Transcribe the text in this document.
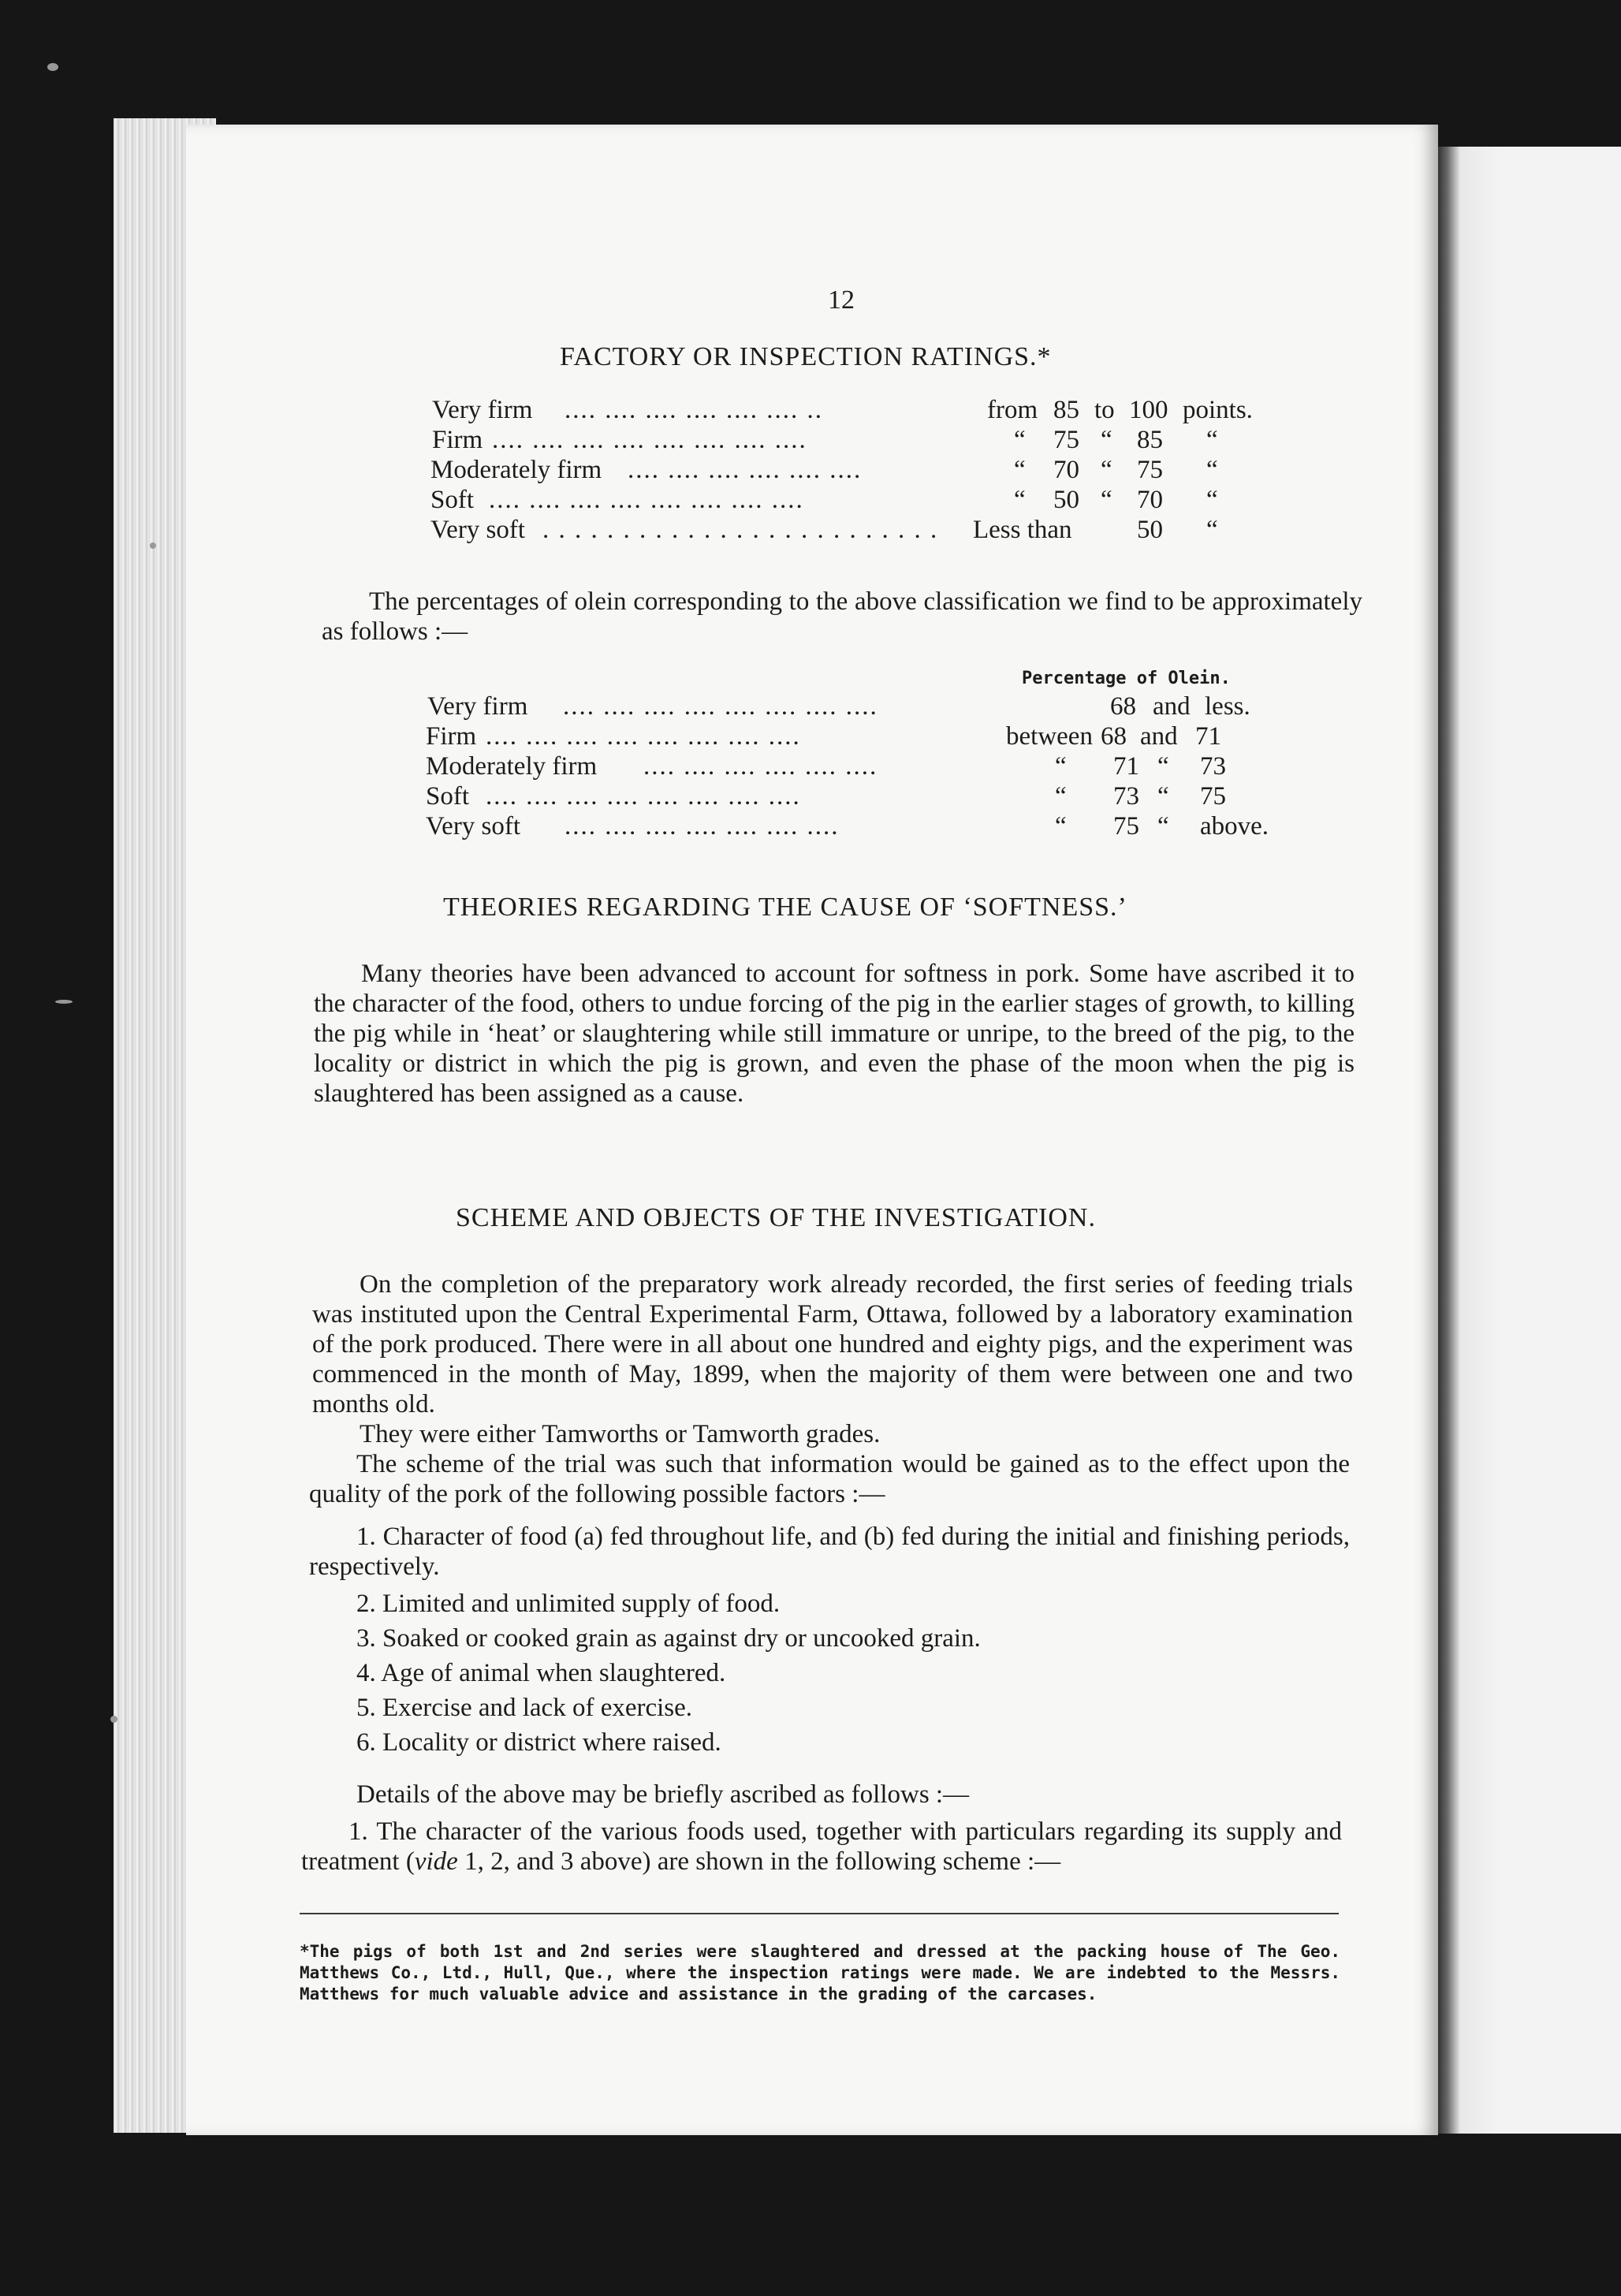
12
FACTORY OR INSPECTION RATINGS.*
Very firm .... .... .... .... .... .... ..	from 85 to 100 points.
Firm .... .... .... .... .... .... .... ....	“ 75 “ 85 “
Moderately firm .... .... .... .... .... ....	“ 70 “ 75 “
Soft .... .... .... .... .... .... .... ....	“ 50 “ 70 “
Very soft . . . . . . . . . . . . . . . . . . . . . . . . . Less than 50 “
The percentages of olein corresponding to the above classification we find to be approximately as follows :—
Percentage of Olein.
Very firm .... .... .... .... .... .... .... ....	68 and less.
Firm .... .... .... .... .... .... .... ....	between 68 and 71
Moderately firm .... .... .... .... .... ....	“ 71 “ 73
Soft .... .... .... .... .... .... .... ....	“ 73 “ 75
Very soft .... .... .... .... .... .... ....	“ 75 “ above.
THEORIES REGARDING THE CAUSE OF ‘SOFTNESS.’
Many theories have been advanced to account for softness in pork. Some have ascribed it to the character of the food, others to undue forcing of the pig in the earlier stages of growth, to killing the pig while in ‘heat’ or slaughtering while still immature or unripe, to the breed of the pig, to the locality or district in which the pig is grown, and even the phase of the moon when the pig is slaughtered has been assigned as a cause.
SCHEME AND OBJECTS OF THE INVESTIGATION.
On the completion of the preparatory work already recorded, the first series of feeding trials was instituted upon the Central Experimental Farm, Ottawa, followed by a laboratory examination of the pork produced. There were in all about one hundred and eighty pigs, and the experiment was commenced in the month of May, 1899, when the majority of them were between one and two months old.
They were either Tamworths or Tamworth grades.
The scheme of the trial was such that information would be gained as to the effect upon the quality of the pork of the following possible factors :—
1. Character of food (a) fed throughout life, and (b) fed during the initial and finishing periods, respectively.
2. Limited and unlimited supply of food.
3. Soaked or cooked grain as against dry or uncooked grain.
4. Age of animal when slaughtered.
5. Exercise and lack of exercise.
6. Locality or district where raised.
Details of the above may be briefly ascribed as follows :—
1. The character of the various foods used, together with particulars regarding its supply and treatment (vide 1, 2, and 3 above) are shown in the following scheme :—
*The pigs of both 1st and 2nd series were slaughtered and dressed at the packing house of The Geo. Matthews Co., Ltd., Hull, Que., where the inspection ratings were made. We are indebted to the Messrs. Matthews for much valuable advice and assistance in the grading of the carcases.
